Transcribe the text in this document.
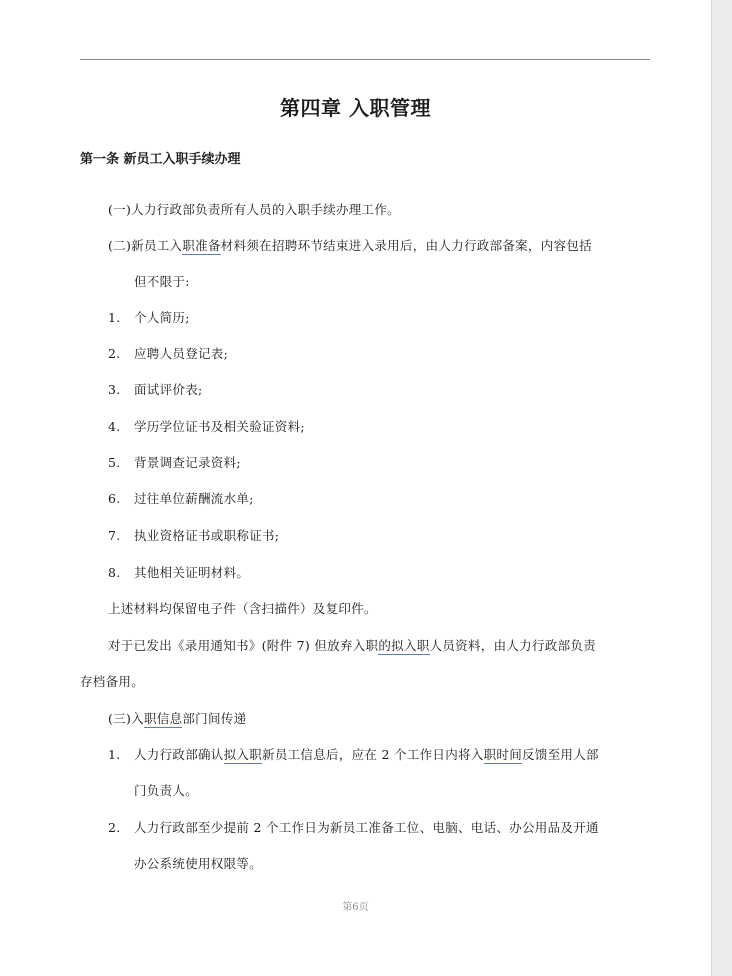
第四章 入职管理
第一条 新员工入职手续办理
(一)人力行政部负责所有人员的入职手续办理工作。
(二)新员工入职准备材料须在招聘环节结束进入录用后，由人力行政部备案，内容包括
但不限于:
1. 个人简历;
2. 应聘人员登记表;
3. 面试评价表;
4. 学历学位证书及相关验证资料;
5. 背景调查记录资料;
6. 过往单位薪酬流水单;
7. 执业资格证书或职称证书;
8. 其他相关证明材料。
上述材料均保留电子件（含扫描件）及复印件。
对于已发出《录用通知书》(附件 7) 但放弃入职的拟入职人员资料，由人力行政部负责
存档备用。
(三)入职信息部门间传递
1. 人力行政部确认拟入职新员工信息后，应在 2 个工作日内将入职时间反馈至用人部
门负责人。
2. 人力行政部至少提前 2 个工作日为新员工准备工位、电脑、电话、办公用品及开通
办公系统使用权限等。
第6页
